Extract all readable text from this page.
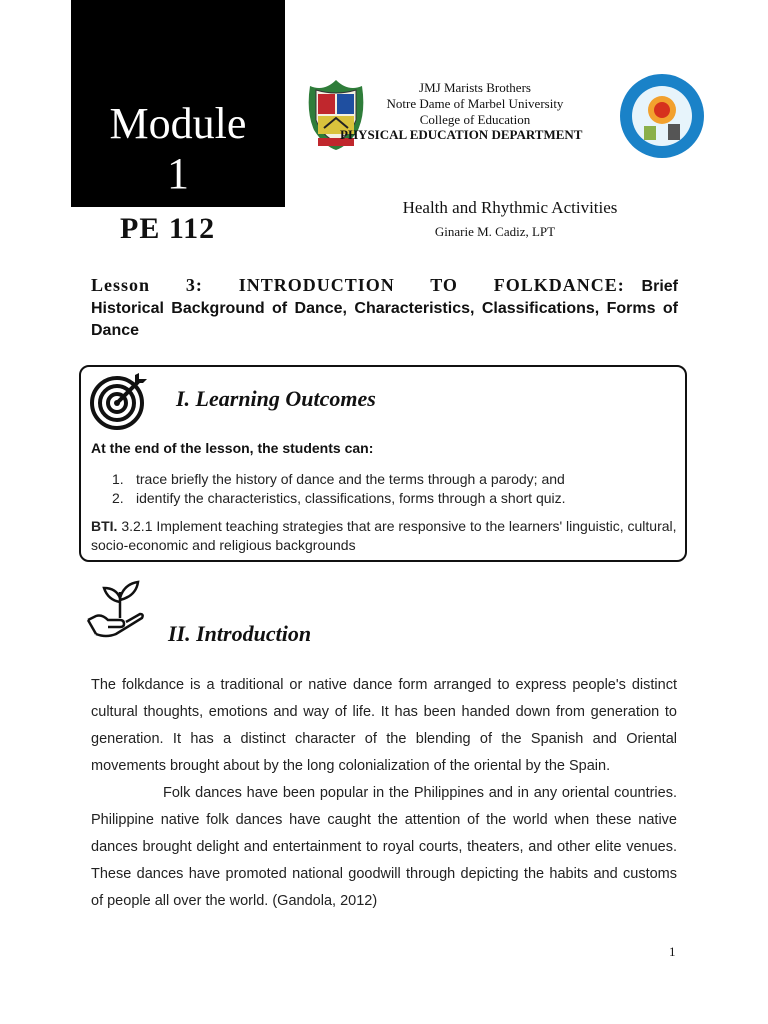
Module
1
PE 112
JMJ Marists Brothers
Notre Dame of Marbel University
College of Education
PHYSICAL EDUCATION DEPARTMENT
Health and Rhythmic Activities
Ginarie M. Cadiz, LPT
Lesson 3: INTRODUCTION TO FOLKDANCE: Brief Historical Background of Dance, Characteristics, Classifications, Forms of Dance
I. Learning Outcomes
At the end of the lesson, the students can:
1. trace briefly the history of dance and the terms through a parody; and
2. identify the characteristics, classifications, forms through a short quiz.
BTI. 3.2.1 Implement teaching strategies that are responsive to the learners' linguistic, cultural, socio-economic and religious backgrounds
II. Introduction

The folkdance is a traditional or native dance form arranged to express people's distinct cultural thoughts, emotions and way of life. It has been handed down from generation to generation. It has a distinct character of the blending of the Spanish and Oriental movements brought about by the long colonialization of the oriental by the Spain.

Folk dances have been popular in the Philippines and in any oriental countries. Philippine native folk dances have caught the attention of the world when these native dances brought delight and entertainment to royal courts, theaters, and other elite venues. These dances have promoted national goodwill through depicting the habits and customs of people all over the world. (Gandola, 2012)

1
